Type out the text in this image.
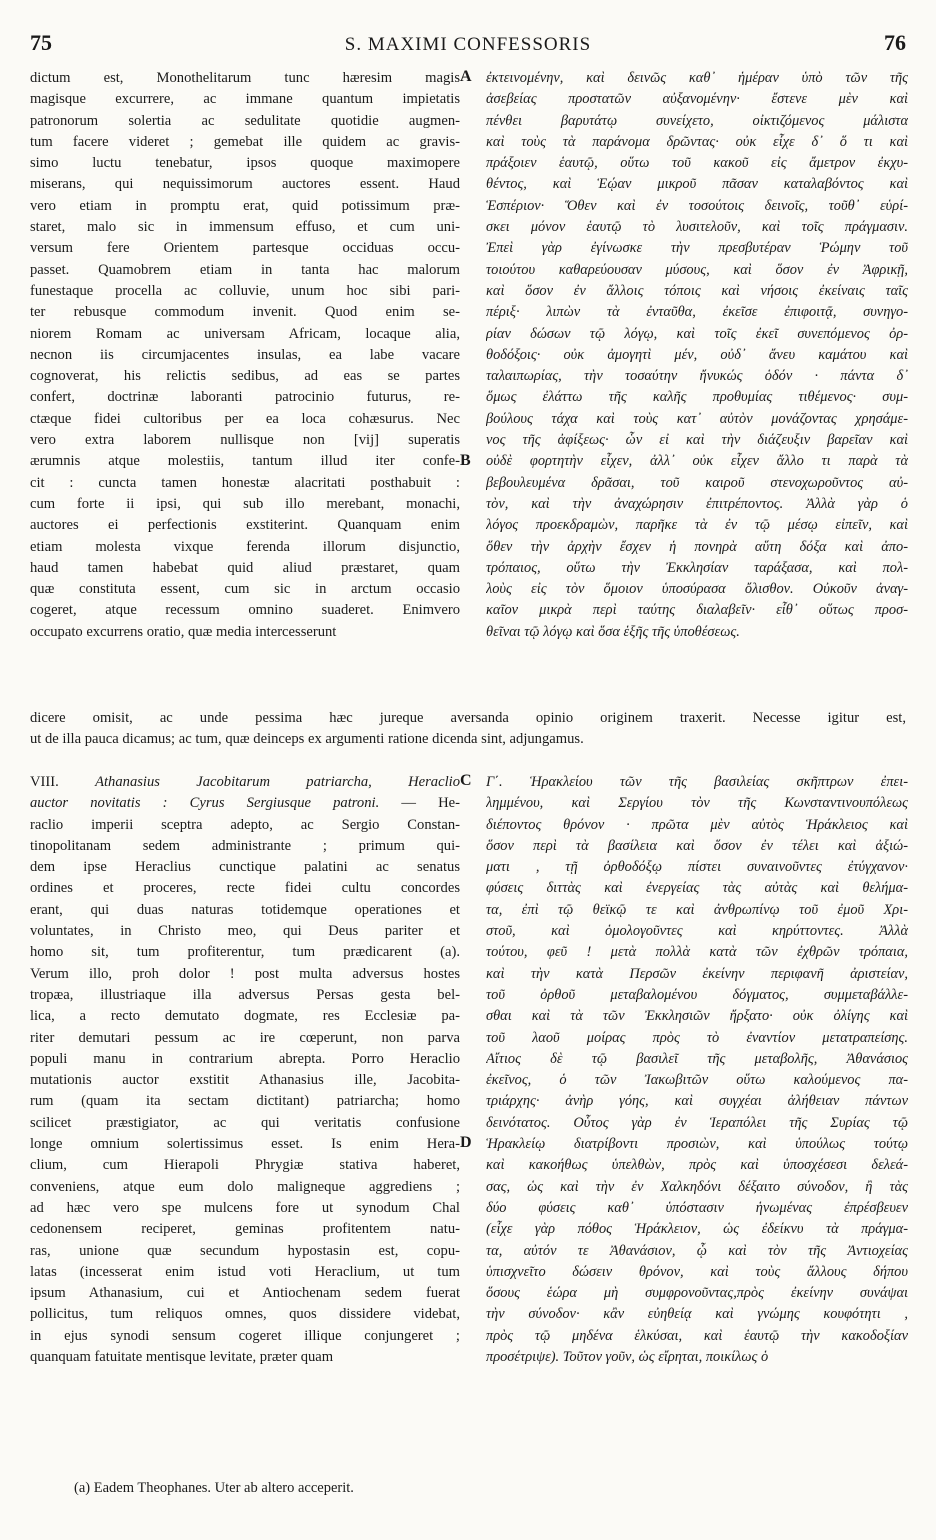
75	S. MAXIMI CONFESSORIS	76
dictum est, Monothelitarum tunc hæresim magis
magisque excurrere, ac immane quantum impietatis
patronorum solertia ac sedulitate quotidie augmen-
tum facere videret ; gemebat ille quidem ac gravis-
simo luctu tenebatur, ipsos quoque maximopere
miserans, qui nequissimorum auctores essent. Haud
vero etiam in promptu erat, quid potissimum præ-
staret, malo sic in immensum effuso, et cum uni-
versum fere Orientem partesque occiduas occu-
passet. Quamobrem etiam in tanta hac malorum
funestaque procella ac colluvie, unum hoc sibi pari-
ter rebusque commodum invenit. Quod enim se-
niorem Romam ac universam Africam, locaque alia,
necnon iis circumjacentes insulas, ea labe vacare
cognoverat, his relictis sedibus, ad eas se partes
confert, doctrinæ laboranti patrocinio futurus, re-
ctæque fidei cultoribus per ea loca cohæsurus. Nec
vero extra laborem nullisque non [vij] superatis
ærumnis atque molestiis, tantum illud iter confe-
cit : cuncta tamen honestæ alacritati posthabuit :
cum forte ii ipsi, qui sub illo merebant, monachi,
auctores ei perfectionis exstiterint. Quanquam enim
etiam molesta vixque ferenda illorum disjunctio,
haud tamen habebat quid aliud præstaret, quam
quæ constituta essent, cum sic in arctum occasio
cogeret, atque recessum omnino suaderet. Enimvero
occupato excurrens oratio, quæ media intercesserunt
ἐκτεινομένην, καὶ δεινῶς καθ᾽ ἡμέραν ὑπὸ τῶν τῆς
ἀσεβείας προστατῶν αὐξανομένην· ἔστενε μὲν καὶ
πένθει βαρυτάτῳ συνείχετο, οἰκτιζόμενος μάλιστα
καὶ τοὺς τὰ παράνομα δρῶντας· οὐκ εἶχε δ᾽ ὅ τι καὶ
πράξοιεν ἑαυτῷ, οὕτω τοῦ κακοῦ εἰς ἄμετρον ἐκχυ-
θέντος, καὶ Ἑῴαν μικροῦ πᾶσαν καταλαβόντος καὶ
Ἑσπέριον· Ὅθεν καὶ ἐν τοσούτοις δεινοῖς, τοῦθ᾽ εὑρί-
σκει μόνον ἑαυτῷ τὸ λυσιτελοῦν, καὶ τοῖς πράγμασιν.
Ἐπεὶ γὰρ ἐγίνωσκε τὴν πρεσβυτέραν Ῥώμην τοῦ
τοιούτου καθαρεύουσαν μύσους, καὶ ὅσον ἐν Ἀφρικῇ,
καὶ ὅσον ἐν ἄλλοις τόποις καὶ νήσοις ἐκείναις ταῖς
πέριξ· λιπὼν τὰ ἐνταῦθα, ἐκεῖσε ἐπιφοιτᾷ, συνηγο-
ρίαν δώσων τῷ λόγῳ, καὶ τοῖς ἐκεῖ συνεπόμενος ὀρ-
θοδόξοις· οὐκ ἀμογητὶ μέν, οὐδ᾽ ἄνευ καμάτου καὶ
ταλαιπωρίας, τὴν τοσαύτην ἤνυκώς ὁδόν · πάντα δ᾽
ὅμως ἐλάττω τῆς καλῆς προθυμίας τιθέμενος· συμ-
βούλους τάχα καὶ τοὺς κατ᾽ αὐτὸν μονάζοντας χρησάμε-
νος τῆς ἀφίξεως· ὧν εἰ καὶ τὴν διάζευξιν βαρεῖαν καὶ
οὐδὲ φορτητὴν εἶχεν, ἀλλ᾽ οὐκ εἶχεν ἄλλο τι παρὰ τὰ
βεβουλευμένα δρᾶσαι, τοῦ καιροῦ στενοχωροῦντος αὐ-
τὸν, καὶ τὴν ἀναχώρησιν ἐπιτρέποντος. Ἀλλὰ γὰρ ὁ
λόγος προεκδραμὼν, παρῆκε τὰ ἐν τῷ μέσῳ εἰπεῖν, καὶ
ὅθεν τὴν ἀρχὴν ἔσχεν ἡ πονηρὰ αὕτη δόξα καὶ ἀπο-
τρόπαιος, οὕτω τὴν Ἐκκλησίαν ταράξασα, καὶ πολ-
λοὺς εἰς τὸν ὅμοιον ὑποσύρασα ὄλισθον. Οὐκοῦν ἀναγ-
καῖον μικρὰ περὶ ταύτης διαλαβεῖν· εἶθ᾽ οὕτως προσ-
θεῖναι τῷ λόγῳ καὶ ὅσα ἑξῆς τῆς ὑποθέσεως.
A
B
C
D
dicere omisit, ac unde pessima hæc jureque aversanda opinio originem traxerit. Necesse igitur est,
ut de illa pauca dicamus; ac tum, quæ deinceps ex argumenti ratione dicenda sint, adjungamus.
VIII. Athanasius Jacobitarum patriarcha, Heraclio
auctor novitatis : Cyrus Sergiusque patroni. — He-
raclio imperii sceptra adepto, ac Sergio Constan-
tinopolitanam sedem administrante ; primum qui-
dem ipse Heraclius cunctique palatini ac senatus
ordines et proceres, recte fidei cultu concordes
erant, qui duas naturas totidemque operationes et
voluntates, in Christo meo, qui Deus pariter et
homo sit, tum profiterentur, tum prædicarent (a).
Verum illo, proh dolor ! post multa adversus hostes
tropæa, illustriaque illa adversus Persas gesta bel-
lica, a recto demutato dogmate, res Ecclesiæ pa-
riter demutari pessum ac ire cœperunt, non parva
populi manu in contrarium abrepta. Porro Heraclio
mutationis auctor exstitit Athanasius ille, Jacobita-
rum (quam ita sectam dictitant) patriarcha; homo
scilicet præstigiator, ac qui veritatis confusione
longe omnium solertissimus esset. Is enim Hera-
clium, cum Hierapoli Phrygiæ stativa haberet,
conveniens, atque eum dolo maligneque aggrediens ;
ad hæc vero spe mulcens fore ut synodum Chal
cedonensem reciperet, geminas profitentem natu-
ras, unione quæ secundum hypostasin est, copu-
latas (incesserat enim istud voti Heraclium, ut tum
ipsum Athanasium, cui et Antiochenam sedem fuerat
pollicitus, tum reliquos omnes, quos dissidere videbat,
in ejus synodi sensum cogeret illique conjungeret ;
quanquam fatuitate mentisque levitate, præter quam
Γ΄. Ἡρακλείου τῶν τῆς βασιλείας σκῆπτρων ἐπει-
λημμένου, καὶ Σεργίου τὸν τῆς Κωνσταντινουπόλεως
διέποντος θρόνον · πρῶτα μὲν αὐτὸς Ἡράκλειος καὶ
ὅσον περὶ τὰ βασίλεια καὶ ὅσον ἐν τέλει καὶ ἀξιώ-
ματι , τῇ ὀρθοδόξῳ πίστει συναινοῦντες ἐτύγχανον·
φύσεις διττὰς καὶ ἐνεργείας τὰς αὐτὰς καὶ θελήμα-
τα, ἐπὶ τῷ θεϊκῷ τε καὶ ἀνθρωπίνῳ τοῦ ἐμοῦ Χρι-
στοῦ, καὶ ὁμολογοῦντες καὶ κηρύττοντες. Ἀλλὰ
τούτου, φεῦ ! μετὰ πολλὰ κατὰ τῶν ἐχθρῶν τρόπαια,
καὶ τὴν κατὰ Περσῶν ἐκείνην περιφανῆ ἀριστείαν,
τοῦ ὀρθοῦ μεταβαλομένου δόγματος, συμμεταβάλλε-
σθαι καὶ τὰ τῶν Ἐκκλησιῶν ἤρξατο· οὐκ ὀλίγης καὶ
τοῦ λαοῦ μοίρας πρὸς τὸ ἐναντίον μετατραπείσης.
Αἴτιος δὲ τῷ βασιλεῖ τῆς μεταβολῆς, Ἀθανάσιος
ἐκεῖνος, ὁ τῶν Ἰακωβιτῶν οὕτω καλούμενος πα-
τριάρχης· ἀνὴρ γόης, καὶ συγχέαι ἀλήθειαν πάντων
δεινότατος. Οὗτος γὰρ ἐν Ἱεραπόλει τῆς Συρίας τῷ
Ἡρακλείῳ διατρίβοντι προσιὼν, καὶ ὑπούλως τούτῳ
καὶ κακοήθως ὑπελθὼν, πρὸς καὶ ὑποσχέσεσι δελεά-
σας, ὡς καὶ τὴν ἐν Χαλκηδόνι δέξαιτο σύνοδον, ἢ τὰς
δύο φύσεις καθ᾽ ὑπόστασιν ἡνωμένας ἐπρέσβευεν
(εἶχε γὰρ πόθος Ἡράκλειον, ὡς ἐδείκνυ τὰ πράγμα-
τα, αὐτόν τε Ἀθανάσιον, ᾧ καὶ τὸν τῆς Ἀντιοχείας
ὑπισχνεῖτο δώσειν θρόνον, καὶ τοὺς ἄλλους δήπου
ὅσους ἑώρα μὴ συμφρονοῦντας,πρὸς ἐκείνην συνάψαι
τὴν σύνοδον· κἂν εὐηθείᾳ καὶ γνώμης κουφότητι ,
πρὸς τῷ μηδένα ἑλκύσαι, καὶ ἑαυτῷ τὴν κακοδοξίαν
προσέτριψε). Τοῦτον γοῦν, ὡς εἴρηται, ποικίλως ὁ
(a) Eadem Theophanes. Uter ab altero acceperit.
